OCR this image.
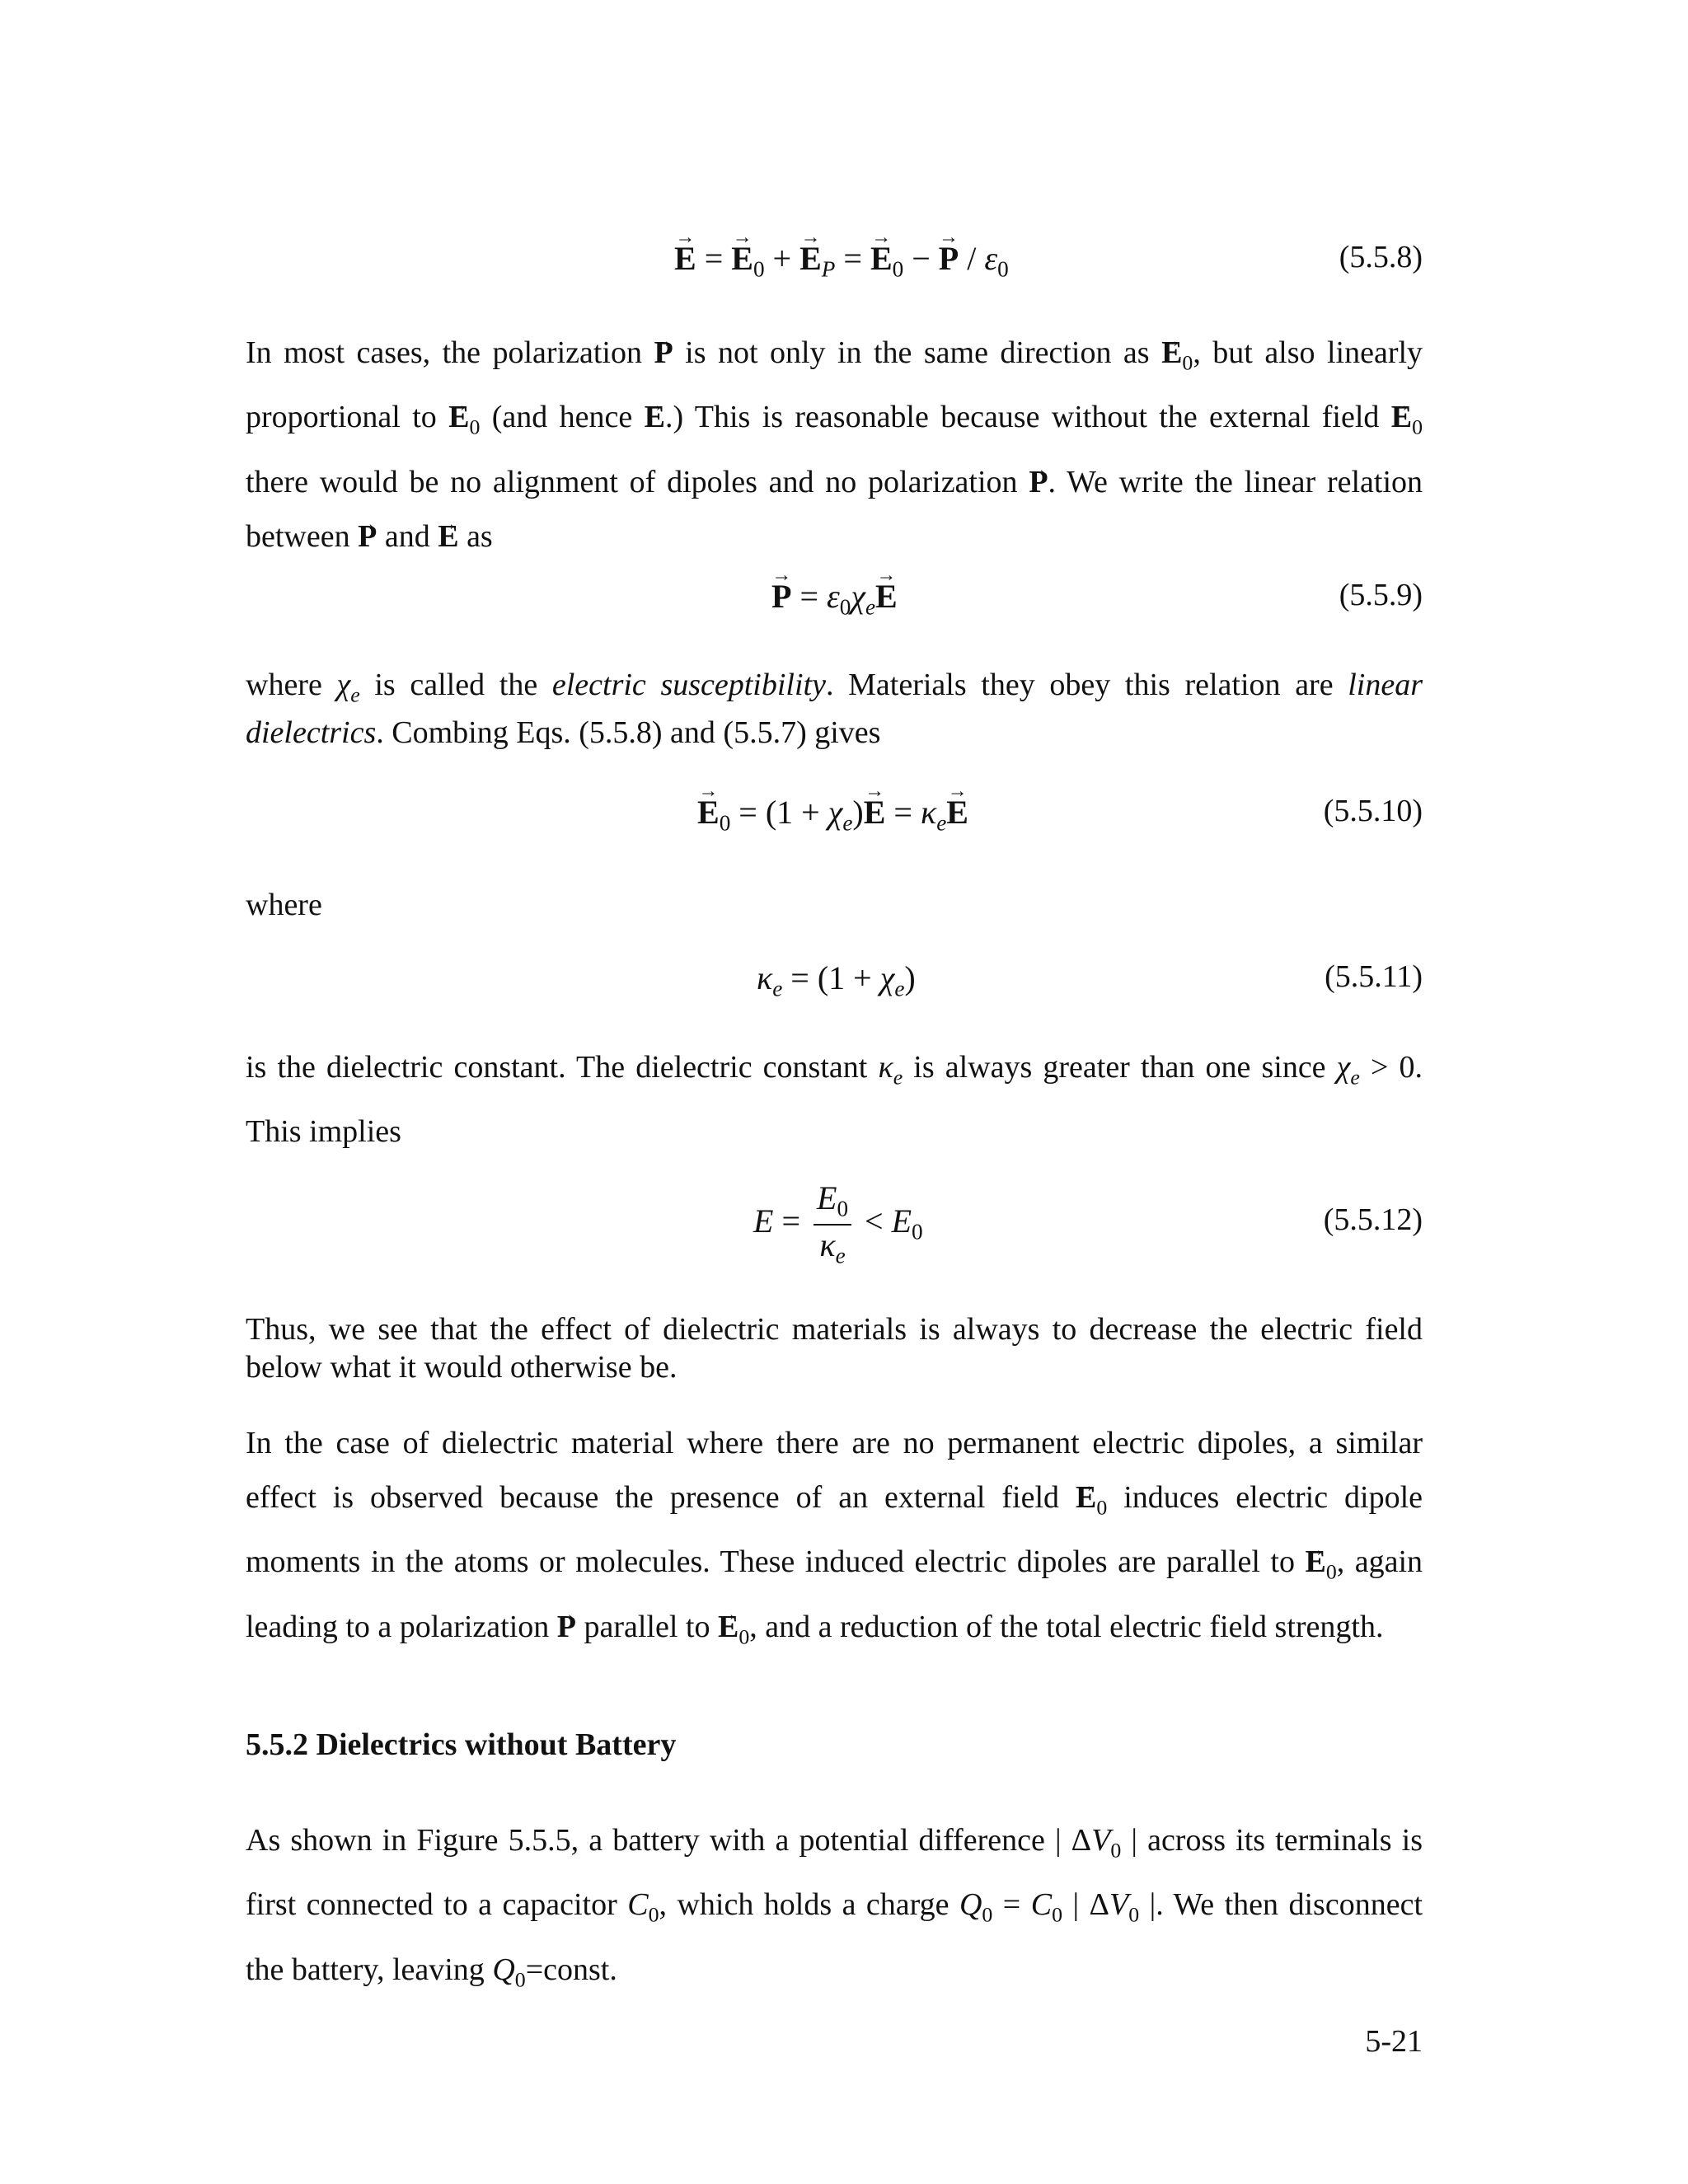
→ E = → $E_0$ + → $E_P$ = → $E_0$ − → P / $\varepsilon_0$	(5.5.8)

In most cases, the polarization → P is not only in the same direction as → $E_0$, but also linearly proportional to → $E_0$ (and hence → E.) This is reasonable because without the external field → $E_0$ there would be no alignment of dipoles and no polarization → P. We write the linear relation between → P and → E as

→ $P = \varepsilon_0\chi_e\to E$	(5.5.9)

where $\chi_e$ is called the electric susceptibility. Materials they obey this relation are linear dielectrics. Combing Eqs. (5.5.8) and (5.5.7) gives

→ $E_0 = (1 + \chi_e)\to E = \kappa_e\to E$	(5.5.10)

where

$\kappa_e = (1 + \chi_e)$	(5.5.11)

is the dielectric constant. The dielectric constant $\kappa_e$ is always greater than one since $\chi_e > 0$. This implies

$E = \frac{E_0}{\kappa_e} < E_0$	(5.5.12)

Thus, we see that the effect of dielectric materials is always to decrease the electric field below what it would otherwise be.

In the case of dielectric material where there are no permanent electric dipoles, a similar effect is observed because the presence of an external field → $E_0$ induces electric dipole moments in the atoms or molecules. These induced electric dipoles are parallel to → $E_0$, again leading to a polarization → P parallel to → $E_0$, and a reduction of the total electric field strength.

5.5.2 Dielectrics without Battery

As shown in Figure 5.5.5, a battery with a potential difference | $\Delta V_0$ | across its terminals is first connected to a capacitor $C_0$, which holds a charge $Q_0 = C_0$ | $\Delta V_0$ |. We then disconnect the battery, leaving $Q_0=const$.

5-21
